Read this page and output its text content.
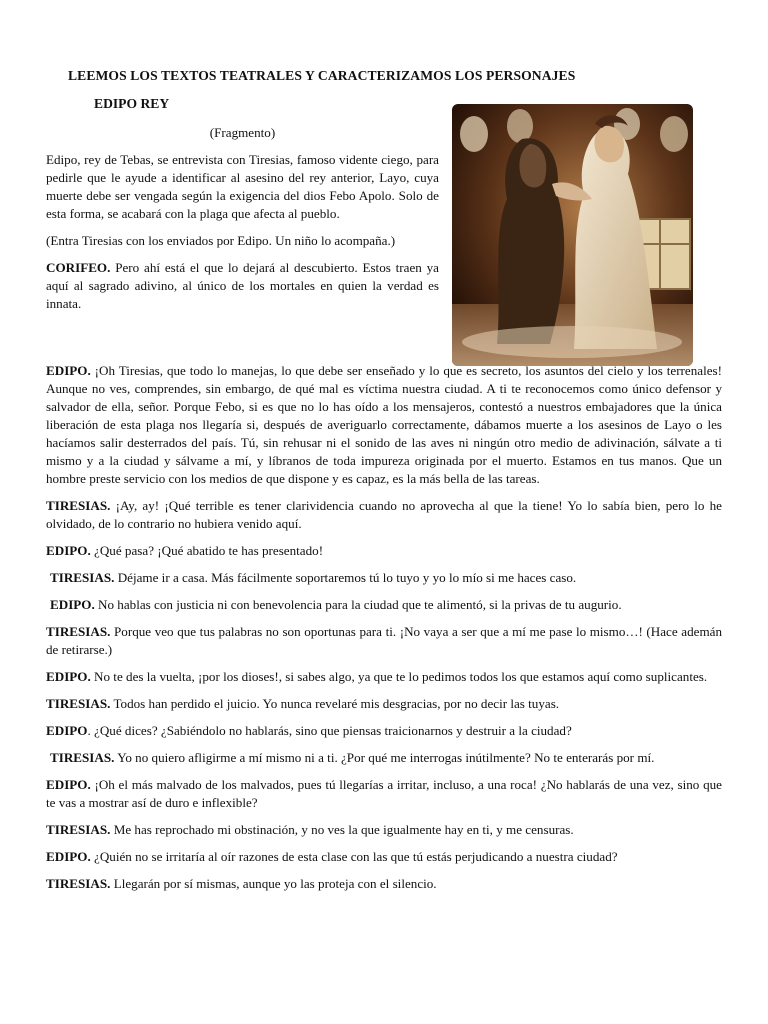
LEEMOS LOS TEXTOS TEATRALES Y CARACTERIZAMOS LOS PERSONAJES
EDIPO REY

(Fragmento)

Edipo, rey de Tebas, se entrevista con Tiresias, famoso vidente ciego, para pedirle que le ayude a identificar al asesino del rey anterior, Layo, cuya muerte debe ser vengada según la exigencia del dios Febo Apolo. Solo de esta forma, se acabará con la plaga que afecta al pueblo.

(Entra Tiresias con los enviados por Edipo. Un niño lo acompaña.)

CORIFEO. Pero ahí está el que lo dejará al descubierto. Estos traen ya aquí al sagrado adivino, al único de los mortales en quien la verdad es innata.

EDIPO. ¡Oh Tiresias, que todo lo manejas, lo que debe ser enseñado y lo que es secreto, los asuntos del cielo y los terrenales! Aunque no ves, comprendes, sin embargo, de qué mal es víctima nuestra ciudad. A ti te reconocemos como único defensor y salvador de ella, señor. Porque Febo, si es que no lo has oído a los mensajeros, contestó a nuestros embajadores que la única liberación de esta plaga nos llegaría si, después de averiguarlo correctamente, dábamos muerte a los asesinos de Layo o les hacíamos salir desterrados del país. Tú, sin rehusar ni el sonido de las aves ni ningún otro medio de adivinación, sálvate a ti mismo y a la ciudad y sálvame a mí, y líbranos de toda impureza originada por el muerto. Estamos en tus manos. Que un hombre preste servicio con los medios de que dispone y es capaz, es la más bella de las tareas.

TIRESIAS. ¡Ay, ay! ¡Qué terrible es tener clarividencia cuando no aprovecha al que la tiene! Yo lo sabía bien, pero lo he olvidado, de lo contrario no hubiera venido aquí.

EDIPO. ¿Qué pasa? ¡Qué abatido te has presentado!

TIRESIAS. Déjame ir a casa. Más fácilmente soportaremos tú lo tuyo y yo lo mío si me haces caso.

EDIPO. No hablas con justicia ni con benevolencia para la ciudad que te alimentó, si la privas de tu augurio.

TIRESIAS. Porque veo que tus palabras no son oportunas para ti. ¡No vaya a ser que a mí me pase lo mismo…! (Hace ademán de retirarse.)

EDIPO. No te des la vuelta, ¡por los dioses!, si sabes algo, ya que te lo pedimos todos los que estamos aquí como suplicantes.

TIRESIAS. Todos han perdido el juicio. Yo nunca revelaré mis desgracias, por no decir las tuyas.

EDIPO. ¿Qué dices? ¿Sabiéndolo no hablarás, sino que piensas traicionarnos y destruir a la ciudad?

TIRESIAS. Yo no quiero afligirme a mí mismo ni a ti. ¿Por qué me interrogas inútilmente? No te enterarás por mí.

EDIPO. ¡Oh el más malvado de los malvados, pues tú llegarías a irritar, incluso, a una roca! ¿No hablarás de una vez, sino que te vas a mostrar así de duro e inflexible?

TIRESIAS. Me has reprochado mi obstinación, y no ves la que igualmente hay en ti, y me censuras.

EDIPO. ¿Quién no se irritaría al oír razones de esta clase con las que tú estás perjudicando a nuestra ciudad?

TIRESIAS. Llegarán por sí mismas, aunque yo las proteja con el silencio.
